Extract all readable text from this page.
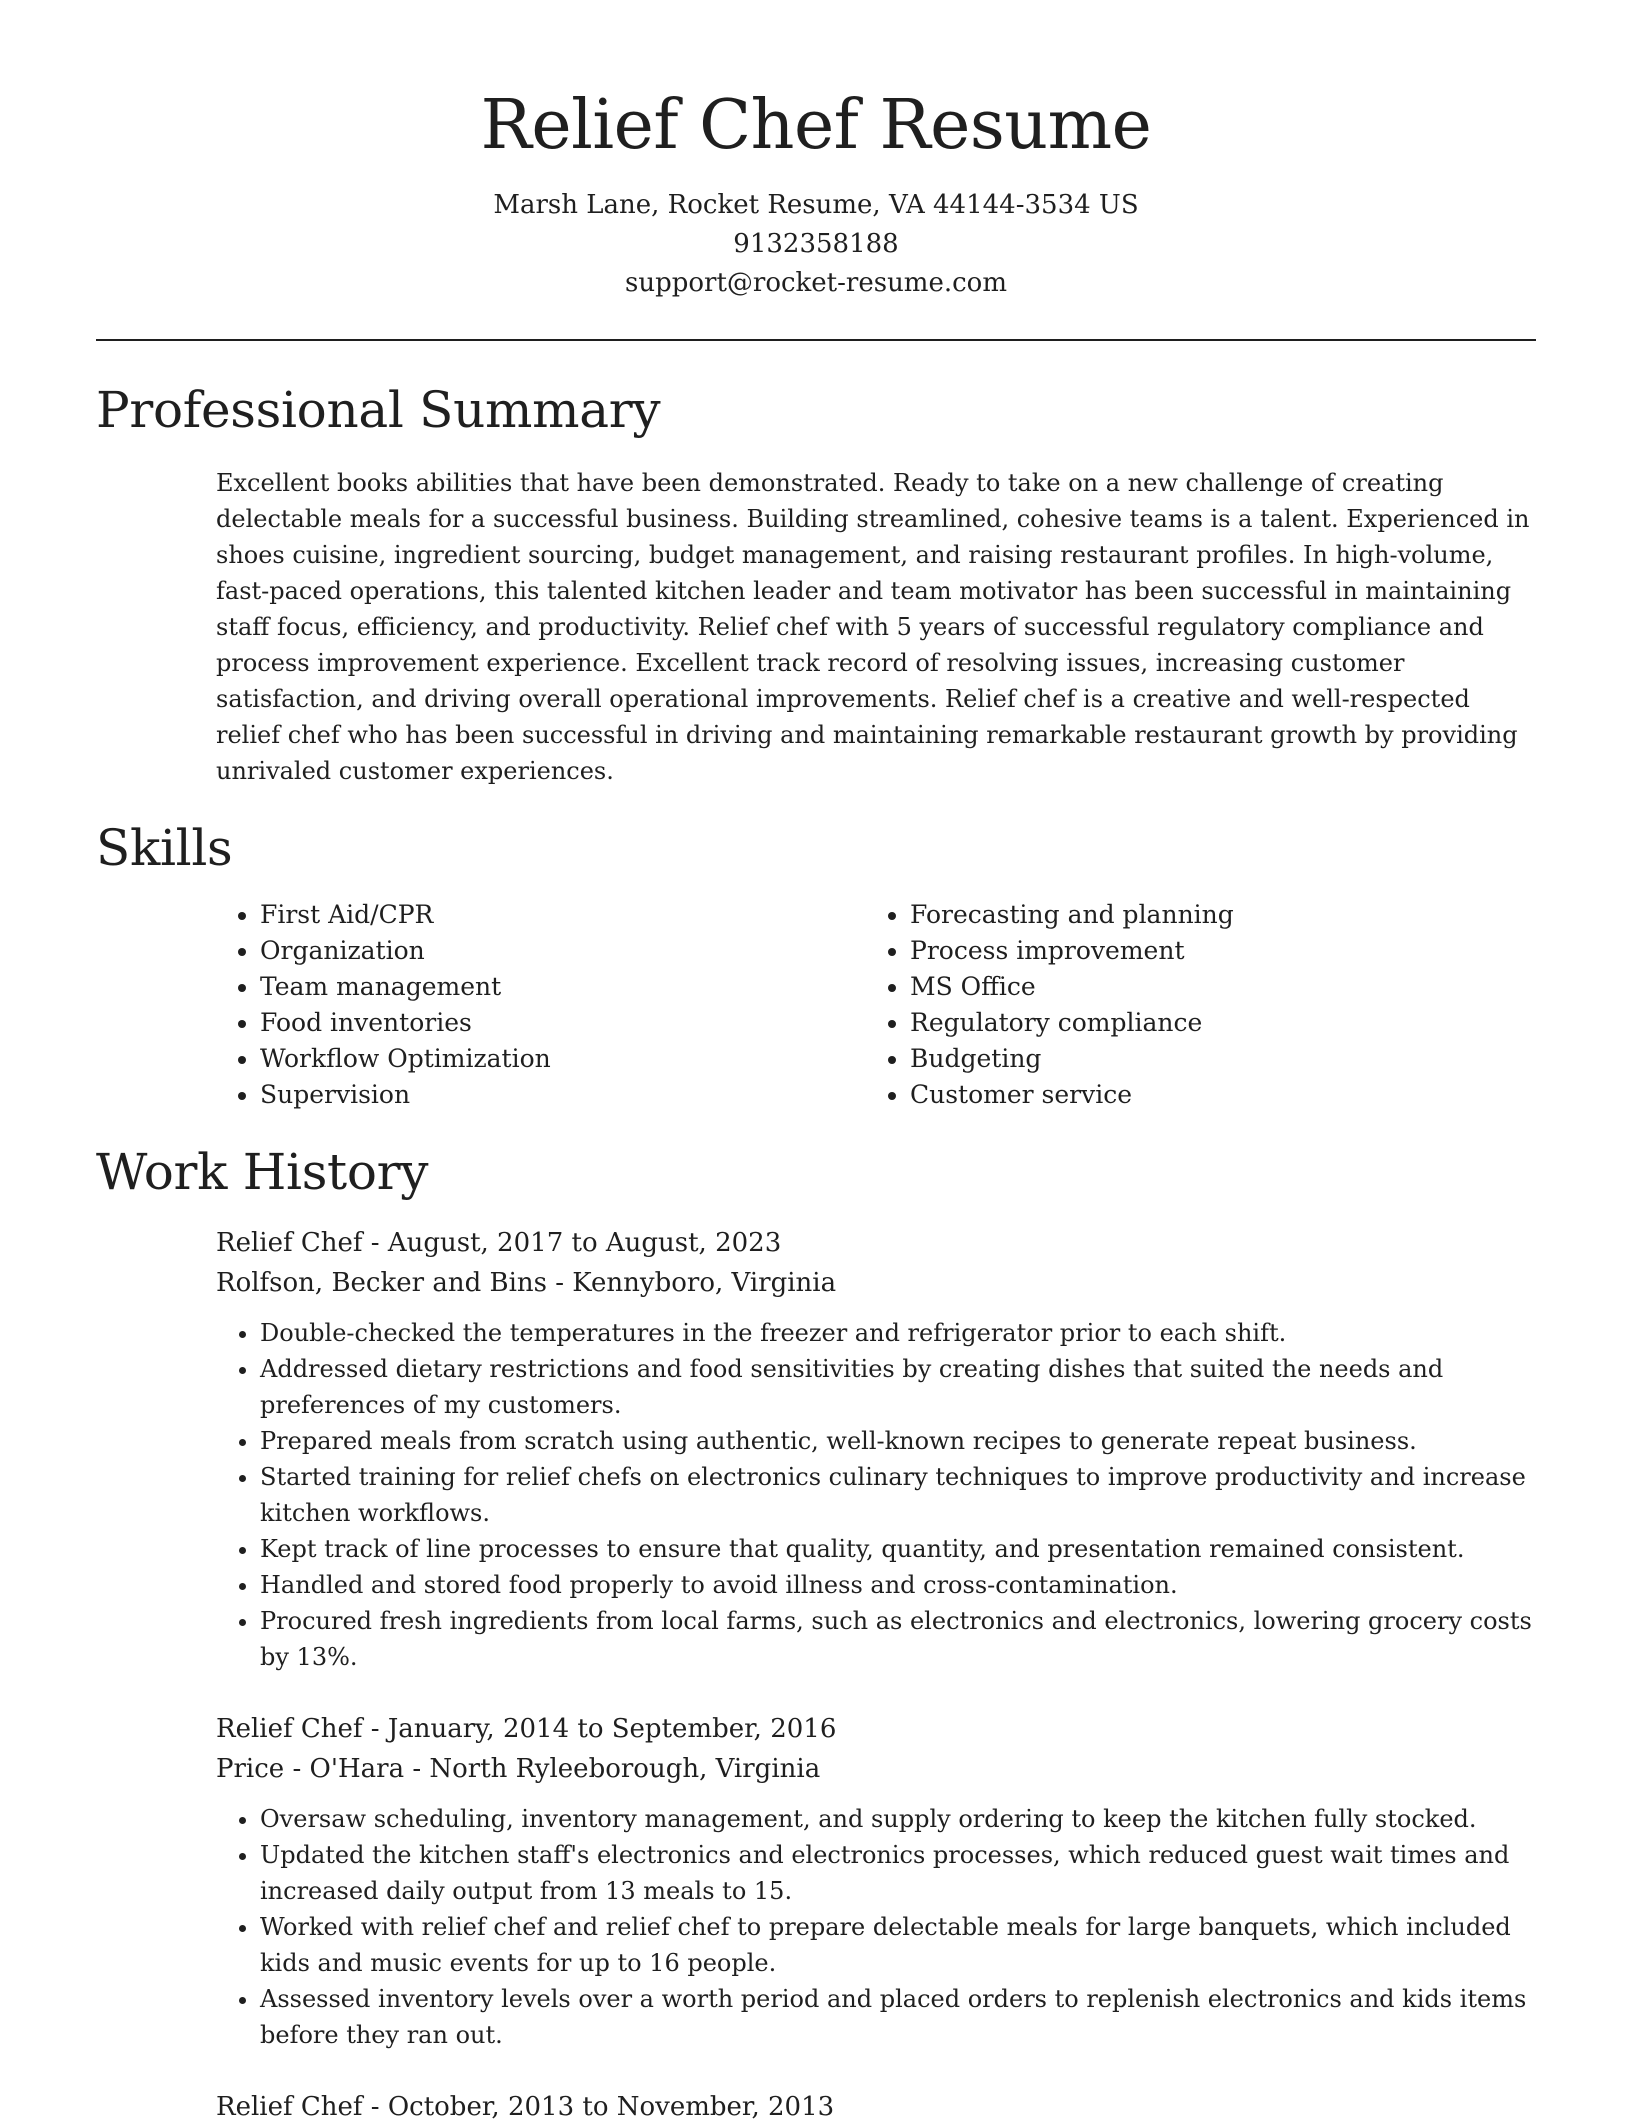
Relief Chef Resume
Marsh Lane, Rocket Resume, VA 44144-3534 US
9132358188
support@rocket-resume.com
Professional Summary

Excellent books abilities that have been demonstrated. Ready to take on a new challenge of creating delectable meals for a successful business. Building streamlined, cohesive teams is a talent. Experienced in shoes cuisine, ingredient sourcing, budget management, and raising restaurant profiles. In high-volume, fast-paced operations, this talented kitchen leader and team motivator has been successful in maintaining staff focus, efficiency, and productivity. Relief chef with 5 years of successful regulatory compliance and process improvement experience. Excellent track record of resolving issues, increasing customer satisfaction, and driving overall operational improvements. Relief chef is a creative and well-respected relief chef who has been successful in driving and maintaining remarkable restaurant growth by providing unrivaled customer experiences.

Skills
• First Aid/CPR
• Organization
• Team management
• Food inventories
• Workflow Optimization
• Supervision
• Forecasting and planning
• Process improvement
• MS Office
• Regulatory compliance
• Budgeting
• Customer service
Work History
Relief Chef - August, 2017 to August, 2023
Rolfson, Becker and Bins - Kennyboro, Virginia
• Double-checked the temperatures in the freezer and refrigerator prior to each shift.
• Addressed dietary restrictions and food sensitivities by creating dishes that suited the needs and preferences of my customers.
• Prepared meals from scratch using authentic, well-known recipes to generate repeat business.
• Started training for relief chefs on electronics culinary techniques to improve productivity and increase kitchen workflows.
• Kept track of line processes to ensure that quality, quantity, and presentation remained consistent.
• Handled and stored food properly to avoid illness and cross-contamination.
• Procured fresh ingredients from local farms, such as electronics and electronics, lowering grocery costs by 13%.
Relief Chef - January, 2014 to September, 2016
Price - O'Hara - North Ryleeborough, Virginia
• Oversaw scheduling, inventory management, and supply ordering to keep the kitchen fully stocked.
• Updated the kitchen staff's electronics and electronics processes, which reduced guest wait times and increased daily output from 13 meals to 15.
• Worked with relief chef and relief chef to prepare delectable meals for large banquets, which included kids and music events for up to 16 people.
• Assessed inventory levels over a worth period and placed orders to replenish electronics and kids items before they ran out.
Relief Chef - October, 2013 to November, 2013
